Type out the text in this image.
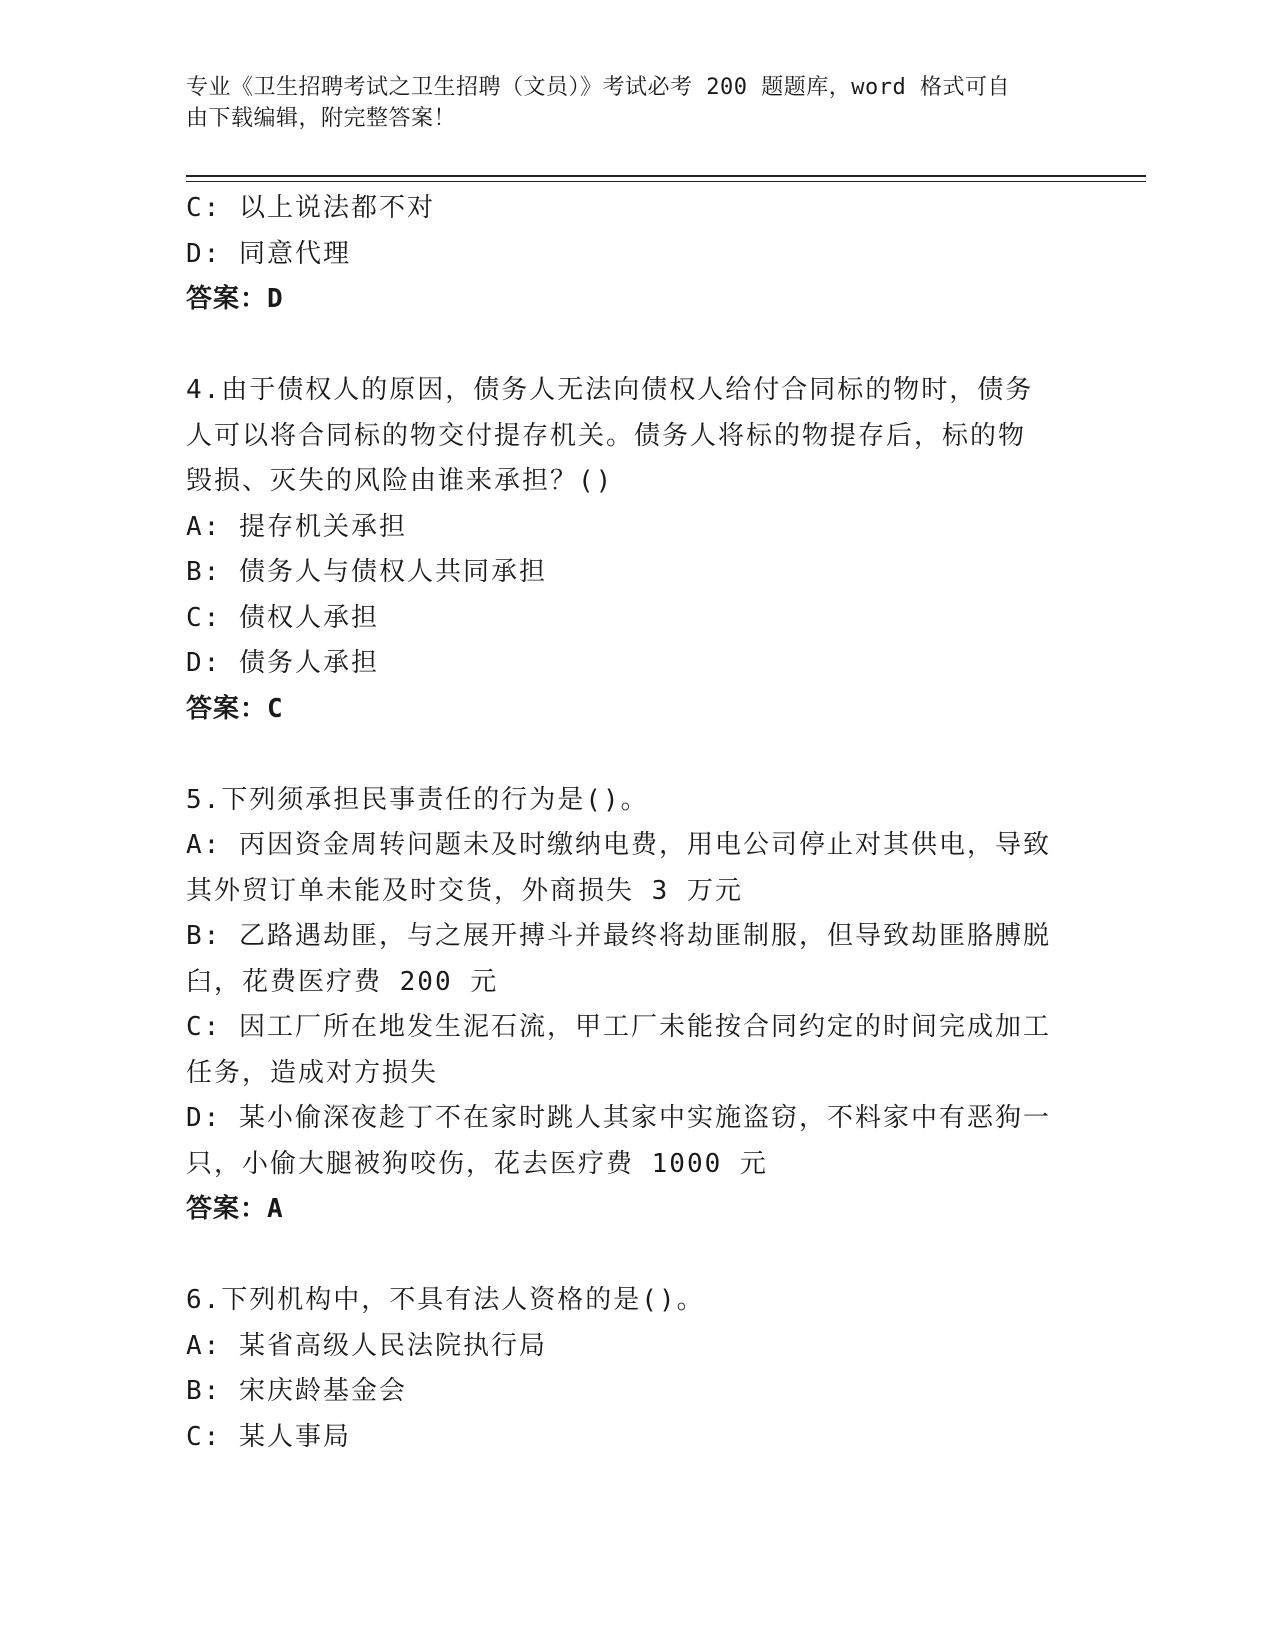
专业《卫生招聘考试之卫生招聘（文员）》考试必考 200 题题库，word 格式可自
由下载编辑，附完整答案！
C: 以上说法都不对
D: 同意代理
答案：D
4.由于债权人的原因，债务人无法向债权人给付合同标的物时，债务
人可以将合同标的物交付提存机关。债务人将标的物提存后，标的物
毁损、灭失的风险由谁来承担？()
A: 提存机关承担
B: 债务人与债权人共同承担
C: 债权人承担
D: 债务人承担
答案：C
5.下列须承担民事责任的行为是()。
A: 丙因资金周转问题未及时缴纳电费，用电公司停止对其供电，导致
其外贸订单未能及时交货，外商损失 3 万元
B: 乙路遇劫匪，与之展开搏斗并最终将劫匪制服，但导致劫匪胳膊脱
臼，花费医疗费 200 元
C: 因工厂所在地发生泥石流，甲工厂未能按合同约定的时间完成加工
任务，造成对方损失
D: 某小偷深夜趁丁不在家时跳人其家中实施盗窃，不料家中有恶狗一
只，小偷大腿被狗咬伤，花去医疗费 1000 元
答案：A
6.下列机构中，不具有法人资格的是()。
A: 某省高级人民法院执行局
B: 宋庆龄基金会
C: 某人事局
